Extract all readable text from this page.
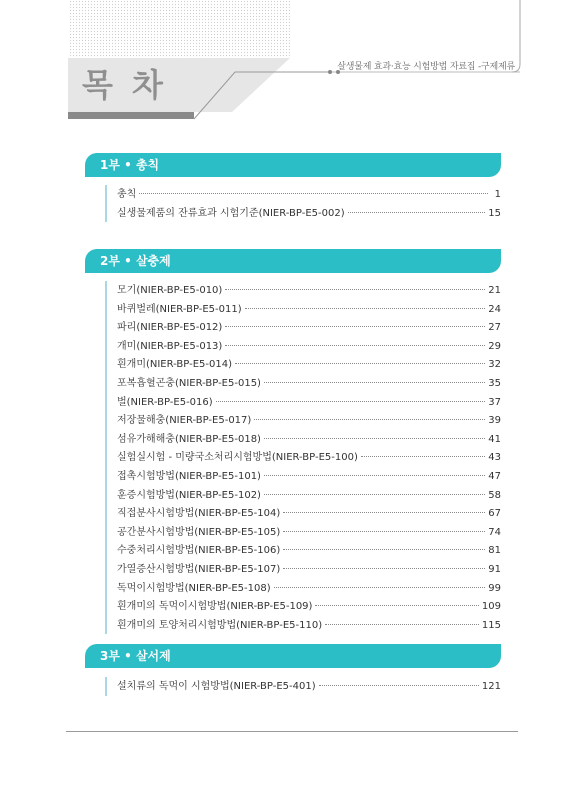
목 차	살생물제 효과·효능 시험방법 자료집 -구제제류
1부 • 총칙
총칙	1
실생물제품의 잔류효과 시험기준(NIER-BP-E5-002)	15
2부 • 살충제
모기(NIER-BP-E5-010)	21
바퀴벌레(NIER-BP-E5-011)	24
파리(NIER-BP-E5-012)	27
개미(NIER-BP-E5-013)	29
흰개미(NIER-BP-E5-014)	32
포복흡혈곤충(NIER-BP-E5-015)	35
벌(NIER-BP-E5-016)	37
저장물해충(NIER-BP-E5-017)	39
섬유가해해충(NIER-BP-E5-018)	41
실험실시험 - 미량국소처리시험방법(NIER-BP-E5-100)	43
접촉시험방법(NIER-BP-E5-101)	47
훈증시험방법(NIER-BP-E5-102)	58
직접분사시험방법(NIER-BP-E5-104)	67
공간분사시험방법(NIER-BP-E5-105)	74
수중처리시험방법(NIER-BP-E5-106)	81
가열증산시험방법(NIER-BP-E5-107)	91
독먹이시험방법(NIER-BP-E5-108)	99
흰개미의 독먹이시험방법(NIER-BP-E5-109)	109
흰개미의 토양처리시험방법(NIER-BP-E5-110)	115
3부 • 살서제
설치류의 독먹이 시험방법(NIER-BP-E5-401)	121
